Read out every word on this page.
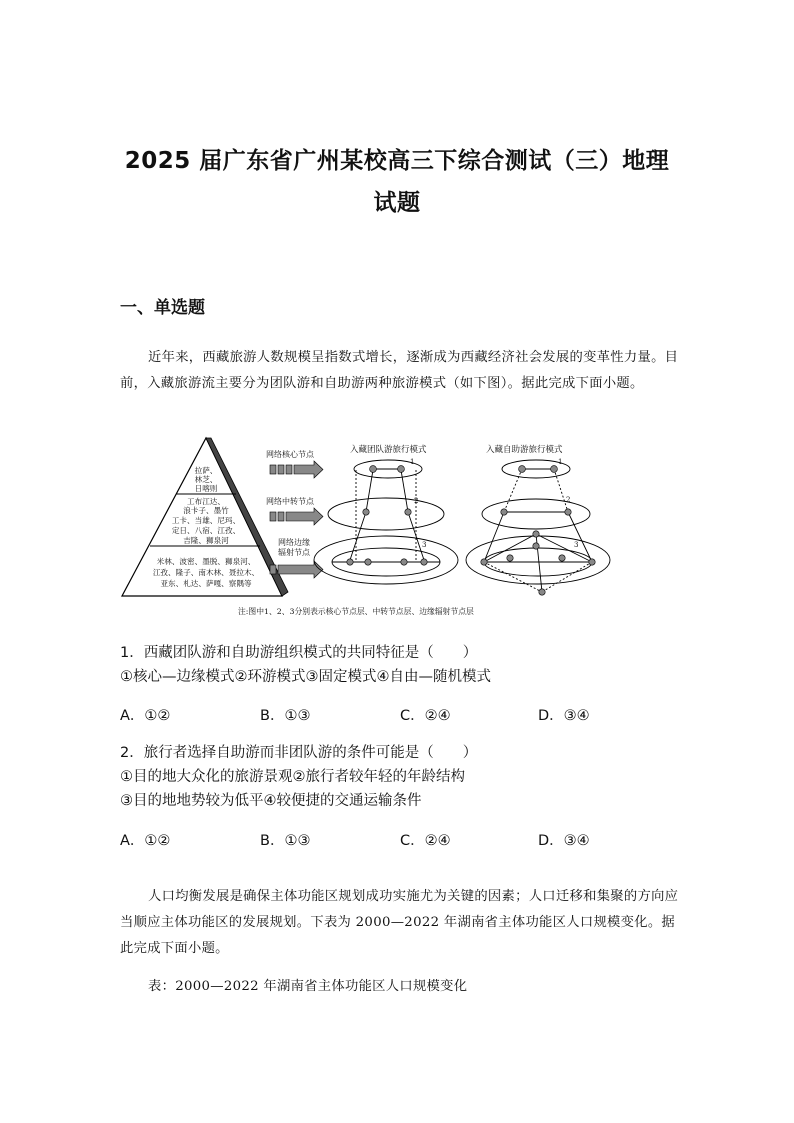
2025 届广东省广州某校高三下综合测试（三）地理
试题
一、单选题

近年来，西藏旅游人数规模呈指数式增长，逐渐成为西藏经济社会发展的变革性力量。目前，入藏旅游流主要分为团队游和自助游两种旅游模式（如下图）。据此完成下面小题。

拉萨、
林芝、
日喀则
工布江达、
浪卡子、墨竹
工卡、当雄、尼玛、
定日、八宿、江孜、
吉隆、狮泉河
米林、波密、墨脱、狮泉河、
江孜、隆子、南木林、聂拉木、
亚东、札达、萨嘎、察隅等
网络核心节点
网络中转节点
网络边缘
辐射节点
入藏团队游旅行模式
1
2
3
入藏自助游旅行模式
1
2
3
注:图中1、2、3分别表示核心节点层、中转节点层、边缘辐射节点层
1．西藏团队游和自助游组织模式的共同特征是（　　）
①核心—边缘模式②环游模式③固定模式④自由—随机模式
A．①②	B．①③	C．②④	D．③④
2．旅行者选择自助游而非团队游的条件可能是（　　）
①目的地大众化的旅游景观②旅行者较年轻的年龄结构
③目的地地势较为低平④较便捷的交通运输条件
A．①②	B．①③	C．②④	D．③④

人口均衡发展是确保主体功能区规划成功实施尤为关键的因素；人口迁移和集聚的方向应当顺应主体功能区的发展规划。下表为 2000—2022 年湖南省主体功能区人口规模变化。据此完成下面小题。

表：2000—2022 年湖南省主体功能区人口规模变化
